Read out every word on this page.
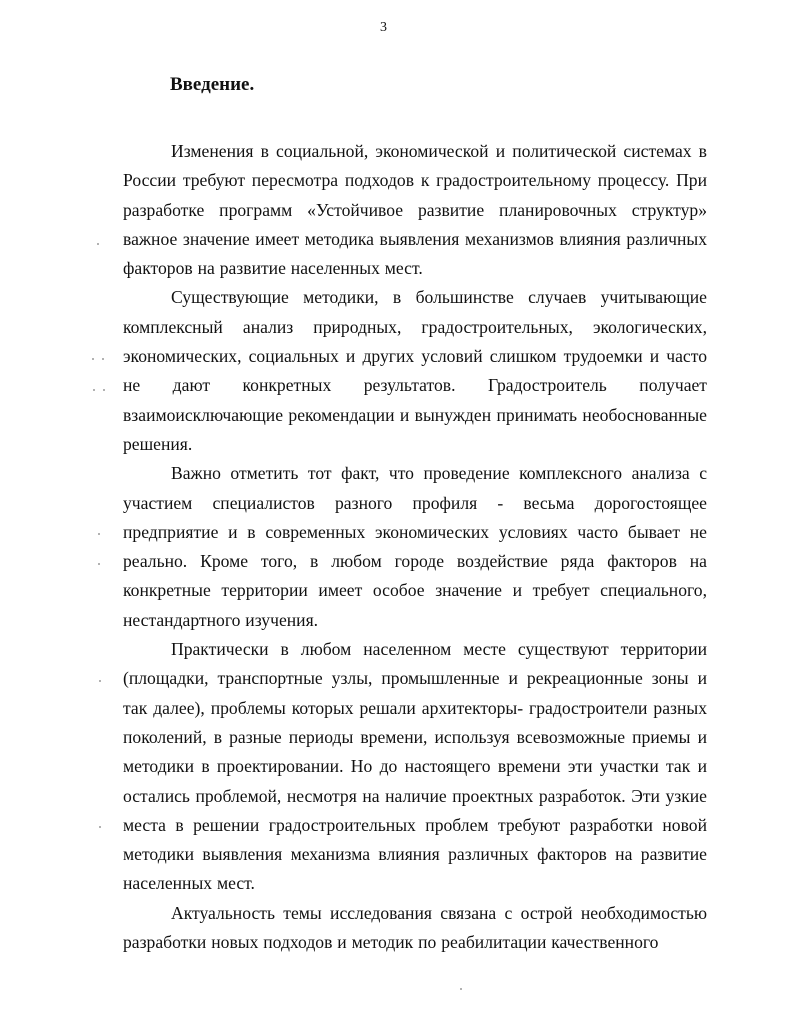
3
Введение.

Изменения в социальной, экономической и политической системах в России требуют пересмотра подходов к градостроительному процессу. При разработке программ «Устойчивое развитие планировочных структур» важное значение имеет методика выявления механизмов влияния различных факторов на развитие населенных мест.

Существующие методики, в большинстве случаев учитывающие комплексный анализ природных, градостроительных, экологических, экономических, социальных и других условий слишком трудоемки и часто не дают конкретных результатов. Градостроитель получает взаимоисключающие рекомендации и вынужден принимать необоснованные решения.

Важно отметить тот факт, что проведение комплексного анализа с участием специалистов разного профиля - весьма дорогостоящее предприятие и в современных экономических условиях часто бывает не реально. Кроме того, в любом городе воздействие ряда факторов на конкретные территории имеет особое значение и требует специального, нестандартного изучения.

Практически в любом населенном месте существуют территории (площадки, транспортные узлы, промышленные и рекреационные зоны и так далее), проблемы которых решали архитекторы- градостроители разных поколений, в разные периоды времени, используя всевозможные приемы и методики в проектировании. Но до настоящего времени эти участки так и остались проблемой, несмотря на наличие проектных разработок. Эти узкие места в решении градостроительных проблем требуют разработки новой методики выявления механизма влияния различных факторов на развитие населенных мест.

Актуальность темы исследования связана с острой необходимостью разработки новых подходов и методик по реабилитации качественного
